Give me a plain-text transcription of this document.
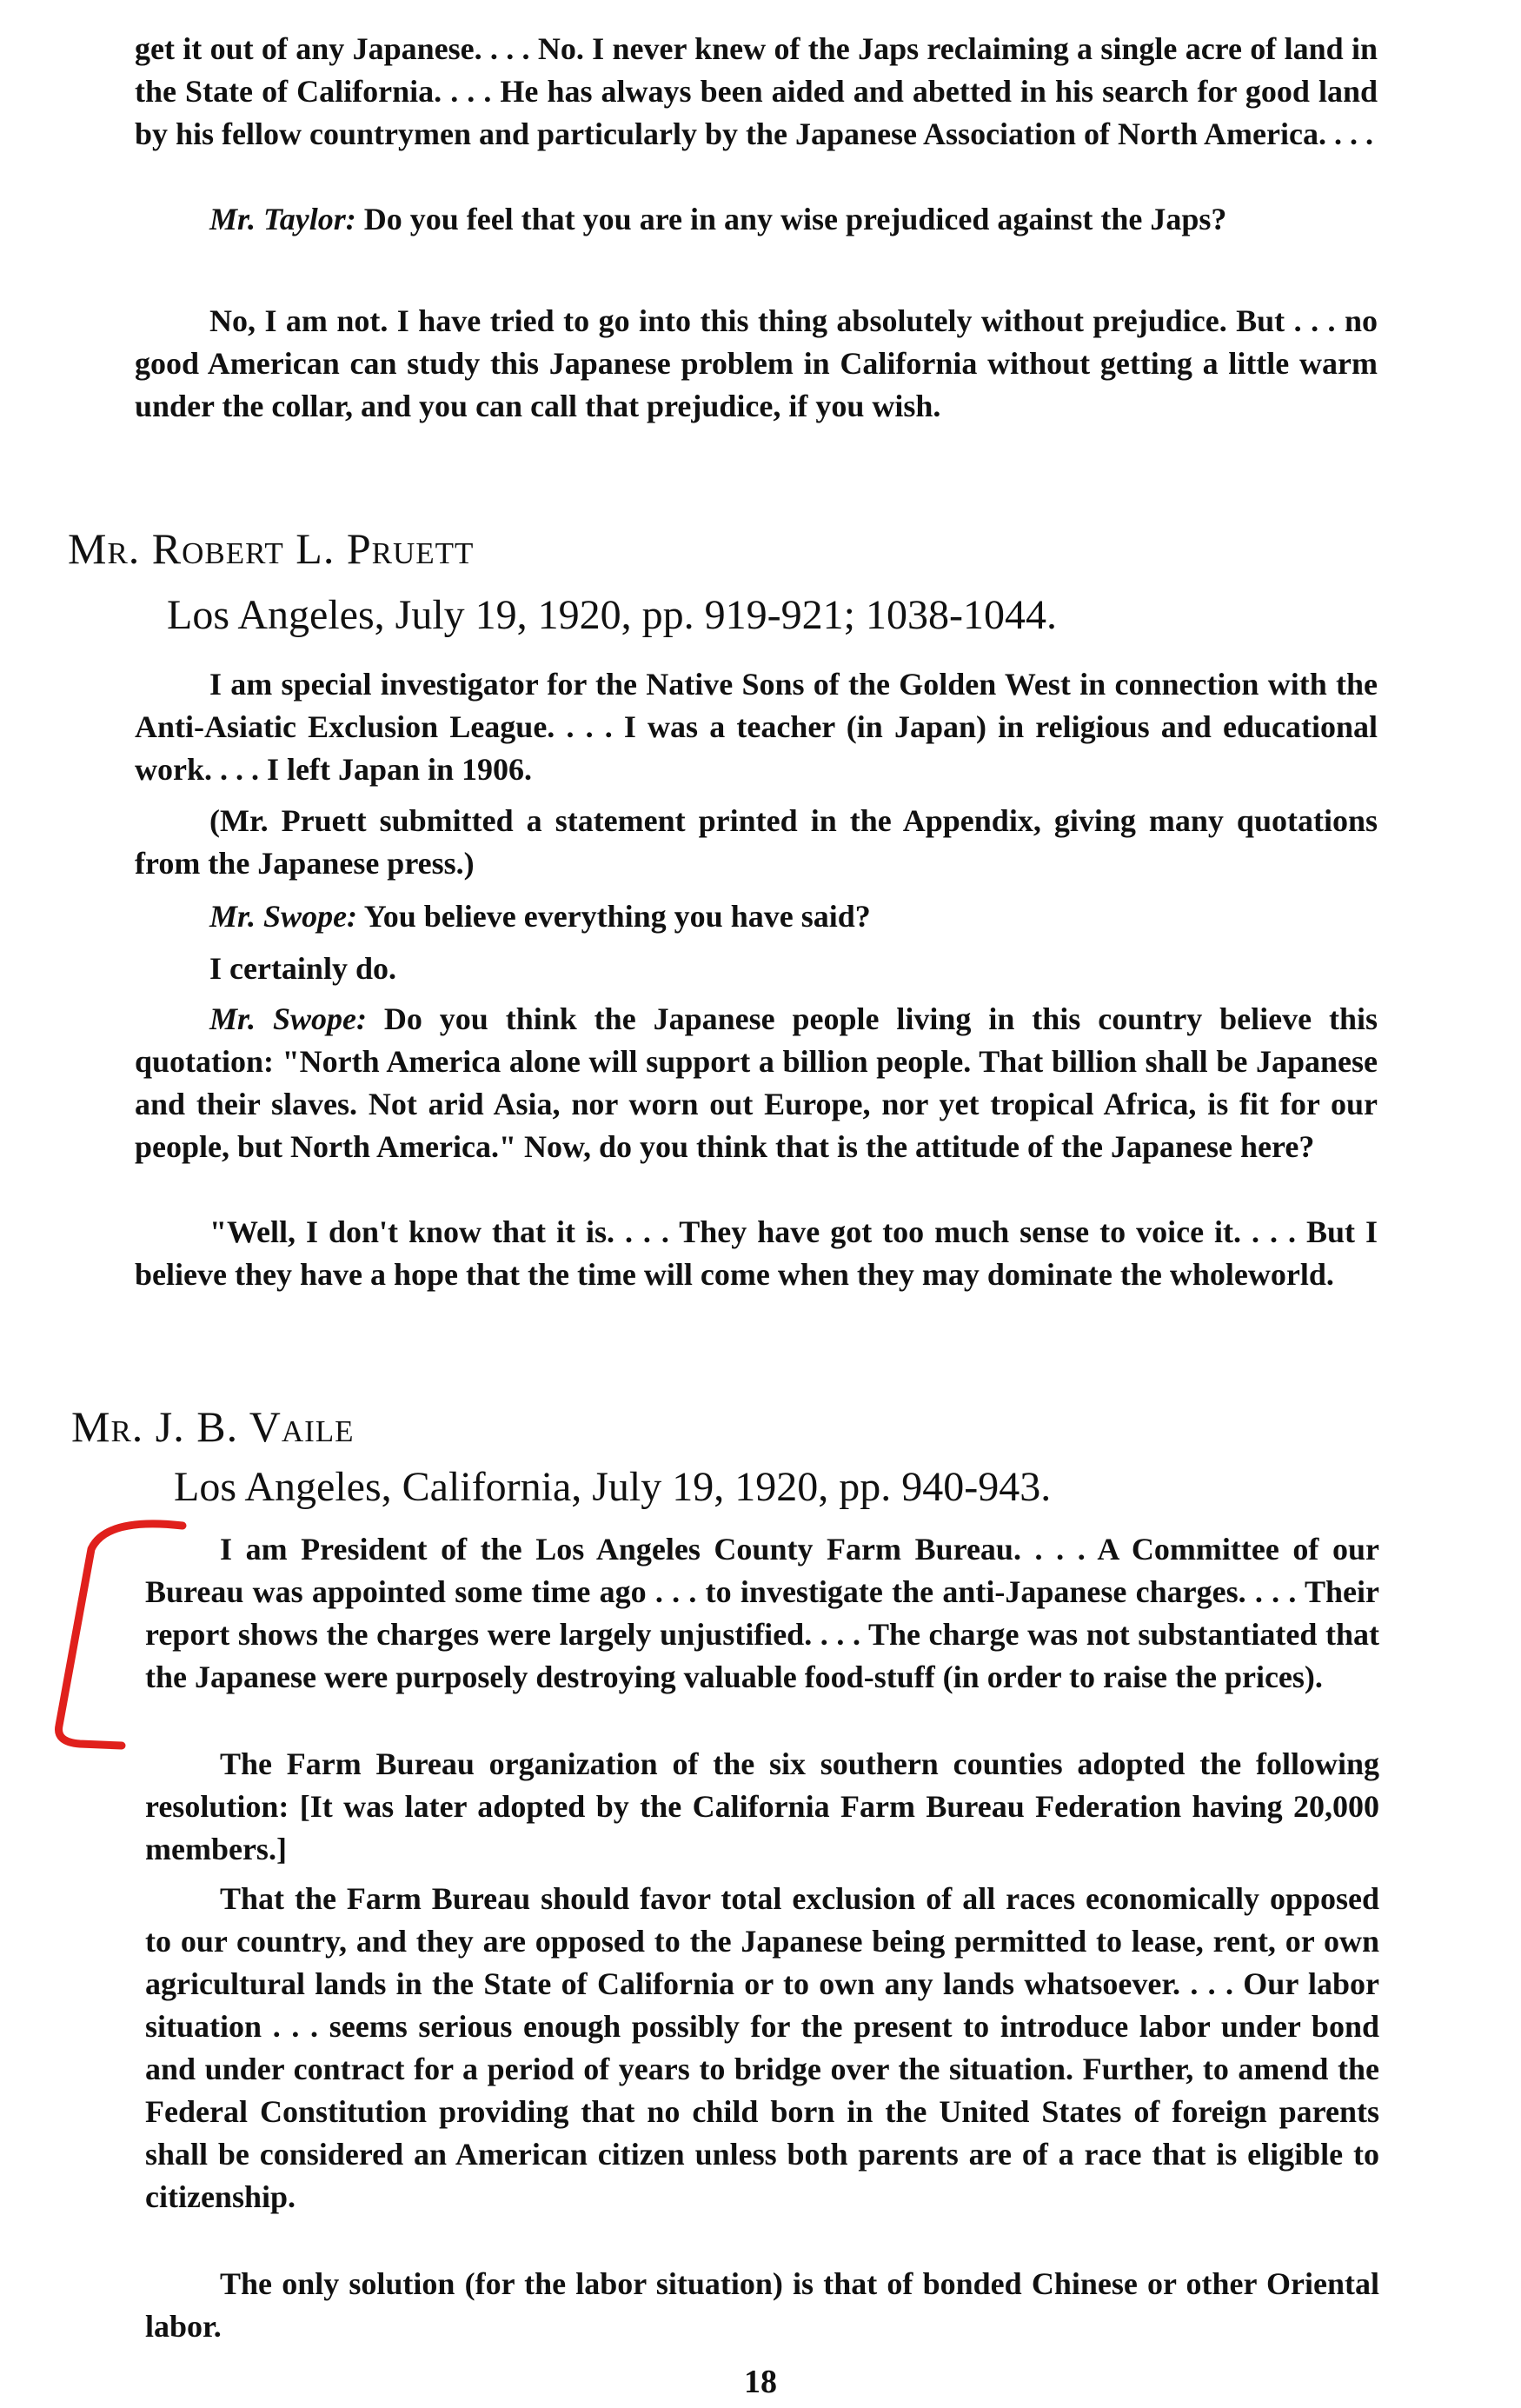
get it out of any Japanese. . . . No. I never knew of the Japs reclaiming a single acre of land in the State of California. . . . He has always been aided and abetted in his search for good land by his fellow countrymen and particularly by the Japanese Association of North America. . . .

Mr. Taylor: Do you feel that you are in any wise prejudiced against the Japs?

No, I am not. I have tried to go into this thing absolutely without prejudice. But . . . no good American can study this Japanese problem in California without getting a little warm under the collar, and you can call that prejudice, if you wish.

Mr. Robert L. Pruett
Los Angeles, July 19, 1920, pp. 919-921; 1038-1044.

I am special investigator for the Native Sons of the Golden West in connection with the Anti-Asiatic Exclusion League. . . . I was a teacher (in Japan) in religious and educational work. . . . I left Japan in 1906.

(Mr. Pruett submitted a statement printed in the Appendix, giving many quotations from the Japanese press.)

Mr. Swope: You believe everything you have said?

I certainly do.

Mr. Swope: Do you think the Japanese people living in this country believe this quotation: "North America alone will support a billion people. That billion shall be Japanese and their slaves. Not arid Asia, nor worn out Europe, nor yet tropical Africa, is fit for our people, but North America." Now, do you think that is the attitude of the Japanese here?

"Well, I don't know that it is. . . . They have got too much sense to voice it. . . . But I believe they have a hope that the time will come when they may dominate the wholeworld.

Mr. J. B. Vaile
Los Angeles, California, July 19, 1920, pp. 940-943.

I am President of the Los Angeles County Farm Bureau. . . . A Committee of our Bureau was appointed some time ago . . . to investigate the anti-Japanese charges. . . . Their report shows the charges were largely unjustified. . . . The charge was not substantiated that the Japanese were purposely destroying valuable food-stuff (in order to raise the prices).

The Farm Bureau organization of the six southern counties adopted the following resolution: [It was later adopted by the California Farm Bureau Federation having 20,000 members.]

That the Farm Bureau should favor total exclusion of all races economically opposed to our country, and they are opposed to the Japanese being permitted to lease, rent, or own agricultural lands in the State of California or to own any lands whatsoever. . . . Our labor situation . . . seems serious enough possibly for the present to introduce labor under bond and under contract for a period of years to bridge over the situation. Further, to amend the Federal Constitution providing that no child born in the United States of foreign parents shall be considered an American citizen unless both parents are of a race that is eligible to citizenship.

The only solution (for the labor situation) is that of bonded Chinese or other Oriental labor.

18
